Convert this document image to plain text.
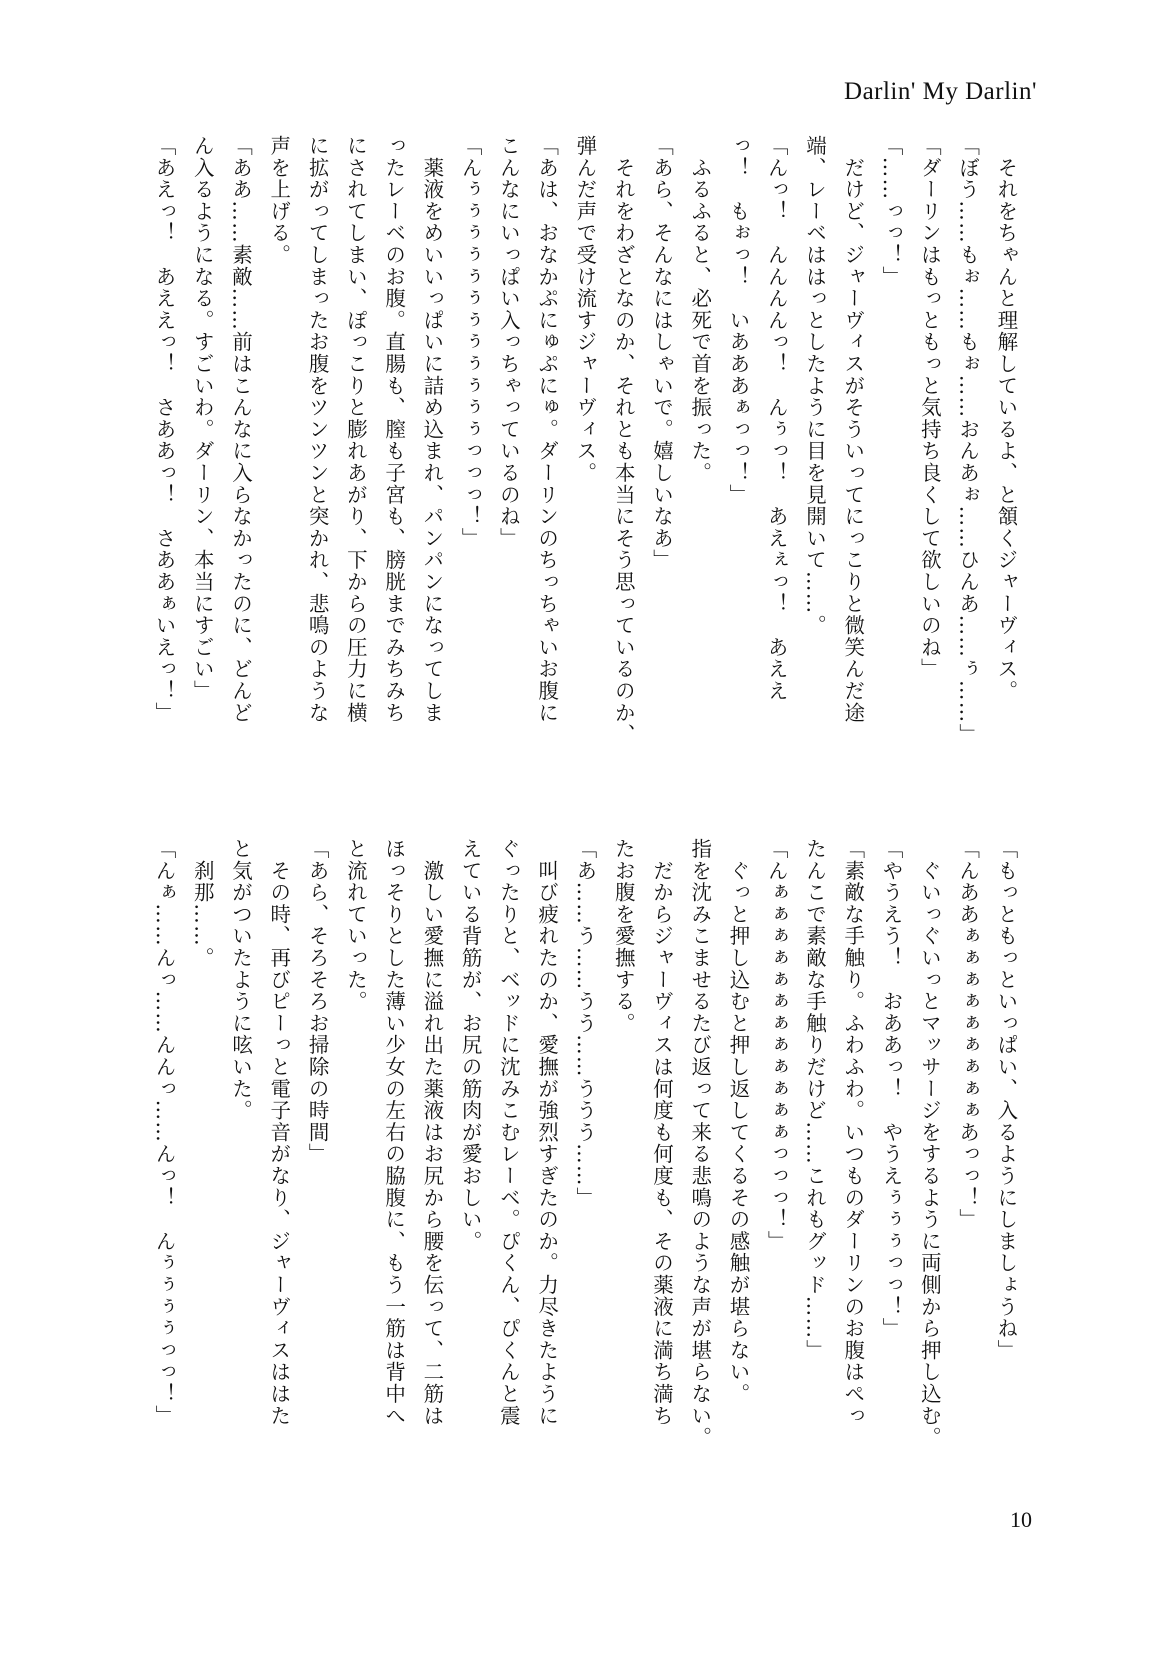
Darlin' My Darlin'
　それをちゃんと理解しているよ、と頷くジャーヴィス。
「ぼう……もぉ……もぉ……おんあぉ……ひんあ……ぅ……」
「ダーリンはもっともっと気持ち良くして欲しいのね」
「……っっ！」
　だけど、ジャーヴィスがそういってにっこりと微笑んだ途
端、レーベははっとしたように目を見開いて……。
「んっ！　んんんんっ！　んぅっ！　あえぇっ！　あええ
っ！　もぉっ！　いあああぁっっ！」
　ふるふると、必死で首を振った。
「あら、そんなにはしゃいで。嬉しいなあ」
　それをわざとなのか、それとも本当にそう思っているのか、
弾んだ声で受け流すジャーヴィス。
「あは、おなかぷにゅぷにゅ。ダーリンのちっちゃいお腹に
こんなにいっぱい入っちゃっているのね」
「んぅぅぅぅぅぅぅぅぅぅぅぅっっっ！」
　薬液をめいいっぱいに詰め込まれ、パンパンになってしま
ったレーベのお腹。直腸も、膣も子宮も、膀胱までみちみち
にされてしまい、ぽっこりと膨れあがり、下からの圧力に横
に拡がってしまったお腹をツンツンと突かれ、悲鳴のような
声を上げる。
「ああ……素敵……前はこんなに入らなかったのに、どんど
ん入るようになる。すごいわ。ダーリン、本当にすごい」
「あえっ！　あええっ！　さああっ！　さああぁいえっ！」
「もっともっといっぱい、入るようにしましょうね」
「んああぁぁぁぁぁぁぁぁぁあっっ！」
　ぐいっぐいっとマッサージをするように両側から押し込む。
「やうえう！　おああっ！　やうえぅぅぅっっ！」
「素敵な手触り。ふわふわ。いつものダーリンのお腹はぺっ
たんこで素敵な手触りだけど……これもグッド……」
「んぁぁぁぁぁぁぁぁぁぁぁぁっっっ！」
　ぐっと押し込むと押し返してくるその感触が堪らない。
指を沈みこませるたび返って来る悲鳴のような声が堪らない。
　だからジャーヴィスは何度も何度も、その薬液に満ち満ち
たお腹を愛撫する。
「あ……う……うう……ううう……」
　叫び疲れたのか、愛撫が強烈すぎたのか。力尽きたように
ぐったりと、ベッドに沈みこむレーベ。ぴくん、ぴくんと震
えている背筋が、お尻の筋肉が愛おしい。
　激しい愛撫に溢れ出た薬液はお尻から腰を伝って、二筋は
ほっそりとした薄い少女の左右の脇腹に、もう一筋は背中へ
と流れていった。
「あら、そろそろお掃除の時間」
　その時、再びピーっと電子音がなり、ジャーヴィスははた
と気がついたように呟いた。
　刹那……。
「んぁ……んっ……んんっ……んっ！　んぅぅぅぅっっ！」
10
